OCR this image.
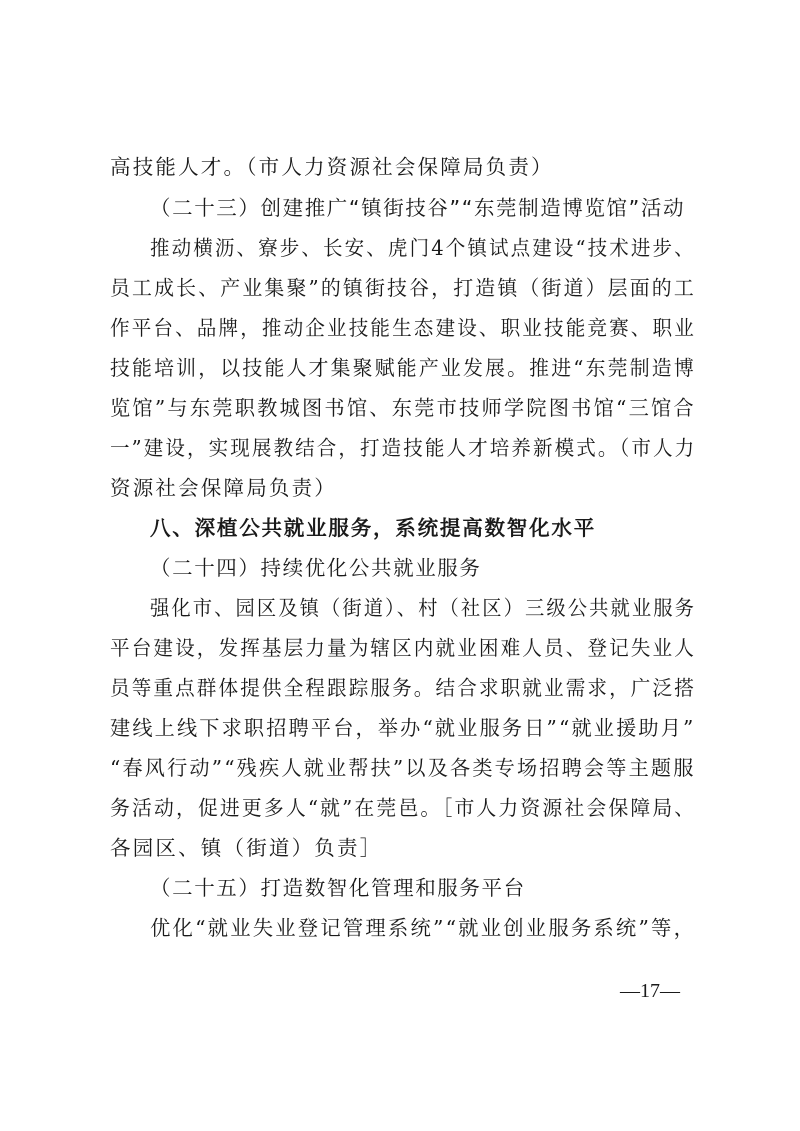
高技能人才。（市人力资源社会保障局负责）
（二十三）创建推广“镇街技谷”“东莞制造博览馆”活动
推动横沥、寮步、长安、虎门4个镇试点建设“技术进步、
员工成长、产业集聚”的镇街技谷，打造镇（街道）层面的工
作平台、品牌，推动企业技能生态建设、职业技能竞赛、职业
技能培训，以技能人才集聚赋能产业发展。推进“东莞制造博
览馆”与东莞职教城图书馆、东莞市技师学院图书馆“三馆合
一”建设，实现展教结合，打造技能人才培养新模式。（市人力
资源社会保障局负责）
八、深植公共就业服务，系统提高数智化水平
（二十四）持续优化公共就业服务
强化市、园区及镇（街道）、村（社区）三级公共就业服务
平台建设，发挥基层力量为辖区内就业困难人员、登记失业人
员等重点群体提供全程跟踪服务。结合求职就业需求，广泛搭
建线上线下求职招聘平台，举办“就业服务日”“就业援助月”
“春风行动”“残疾人就业帮扶”以及各类专场招聘会等主题服
务活动，促进更多人“就”在莞邑。［市人力资源社会保障局、
各园区、镇（街道）负责］
（二十五）打造数智化管理和服务平台
优化“就业失业登记管理系统”“就业创业服务系统”等，
—17—
